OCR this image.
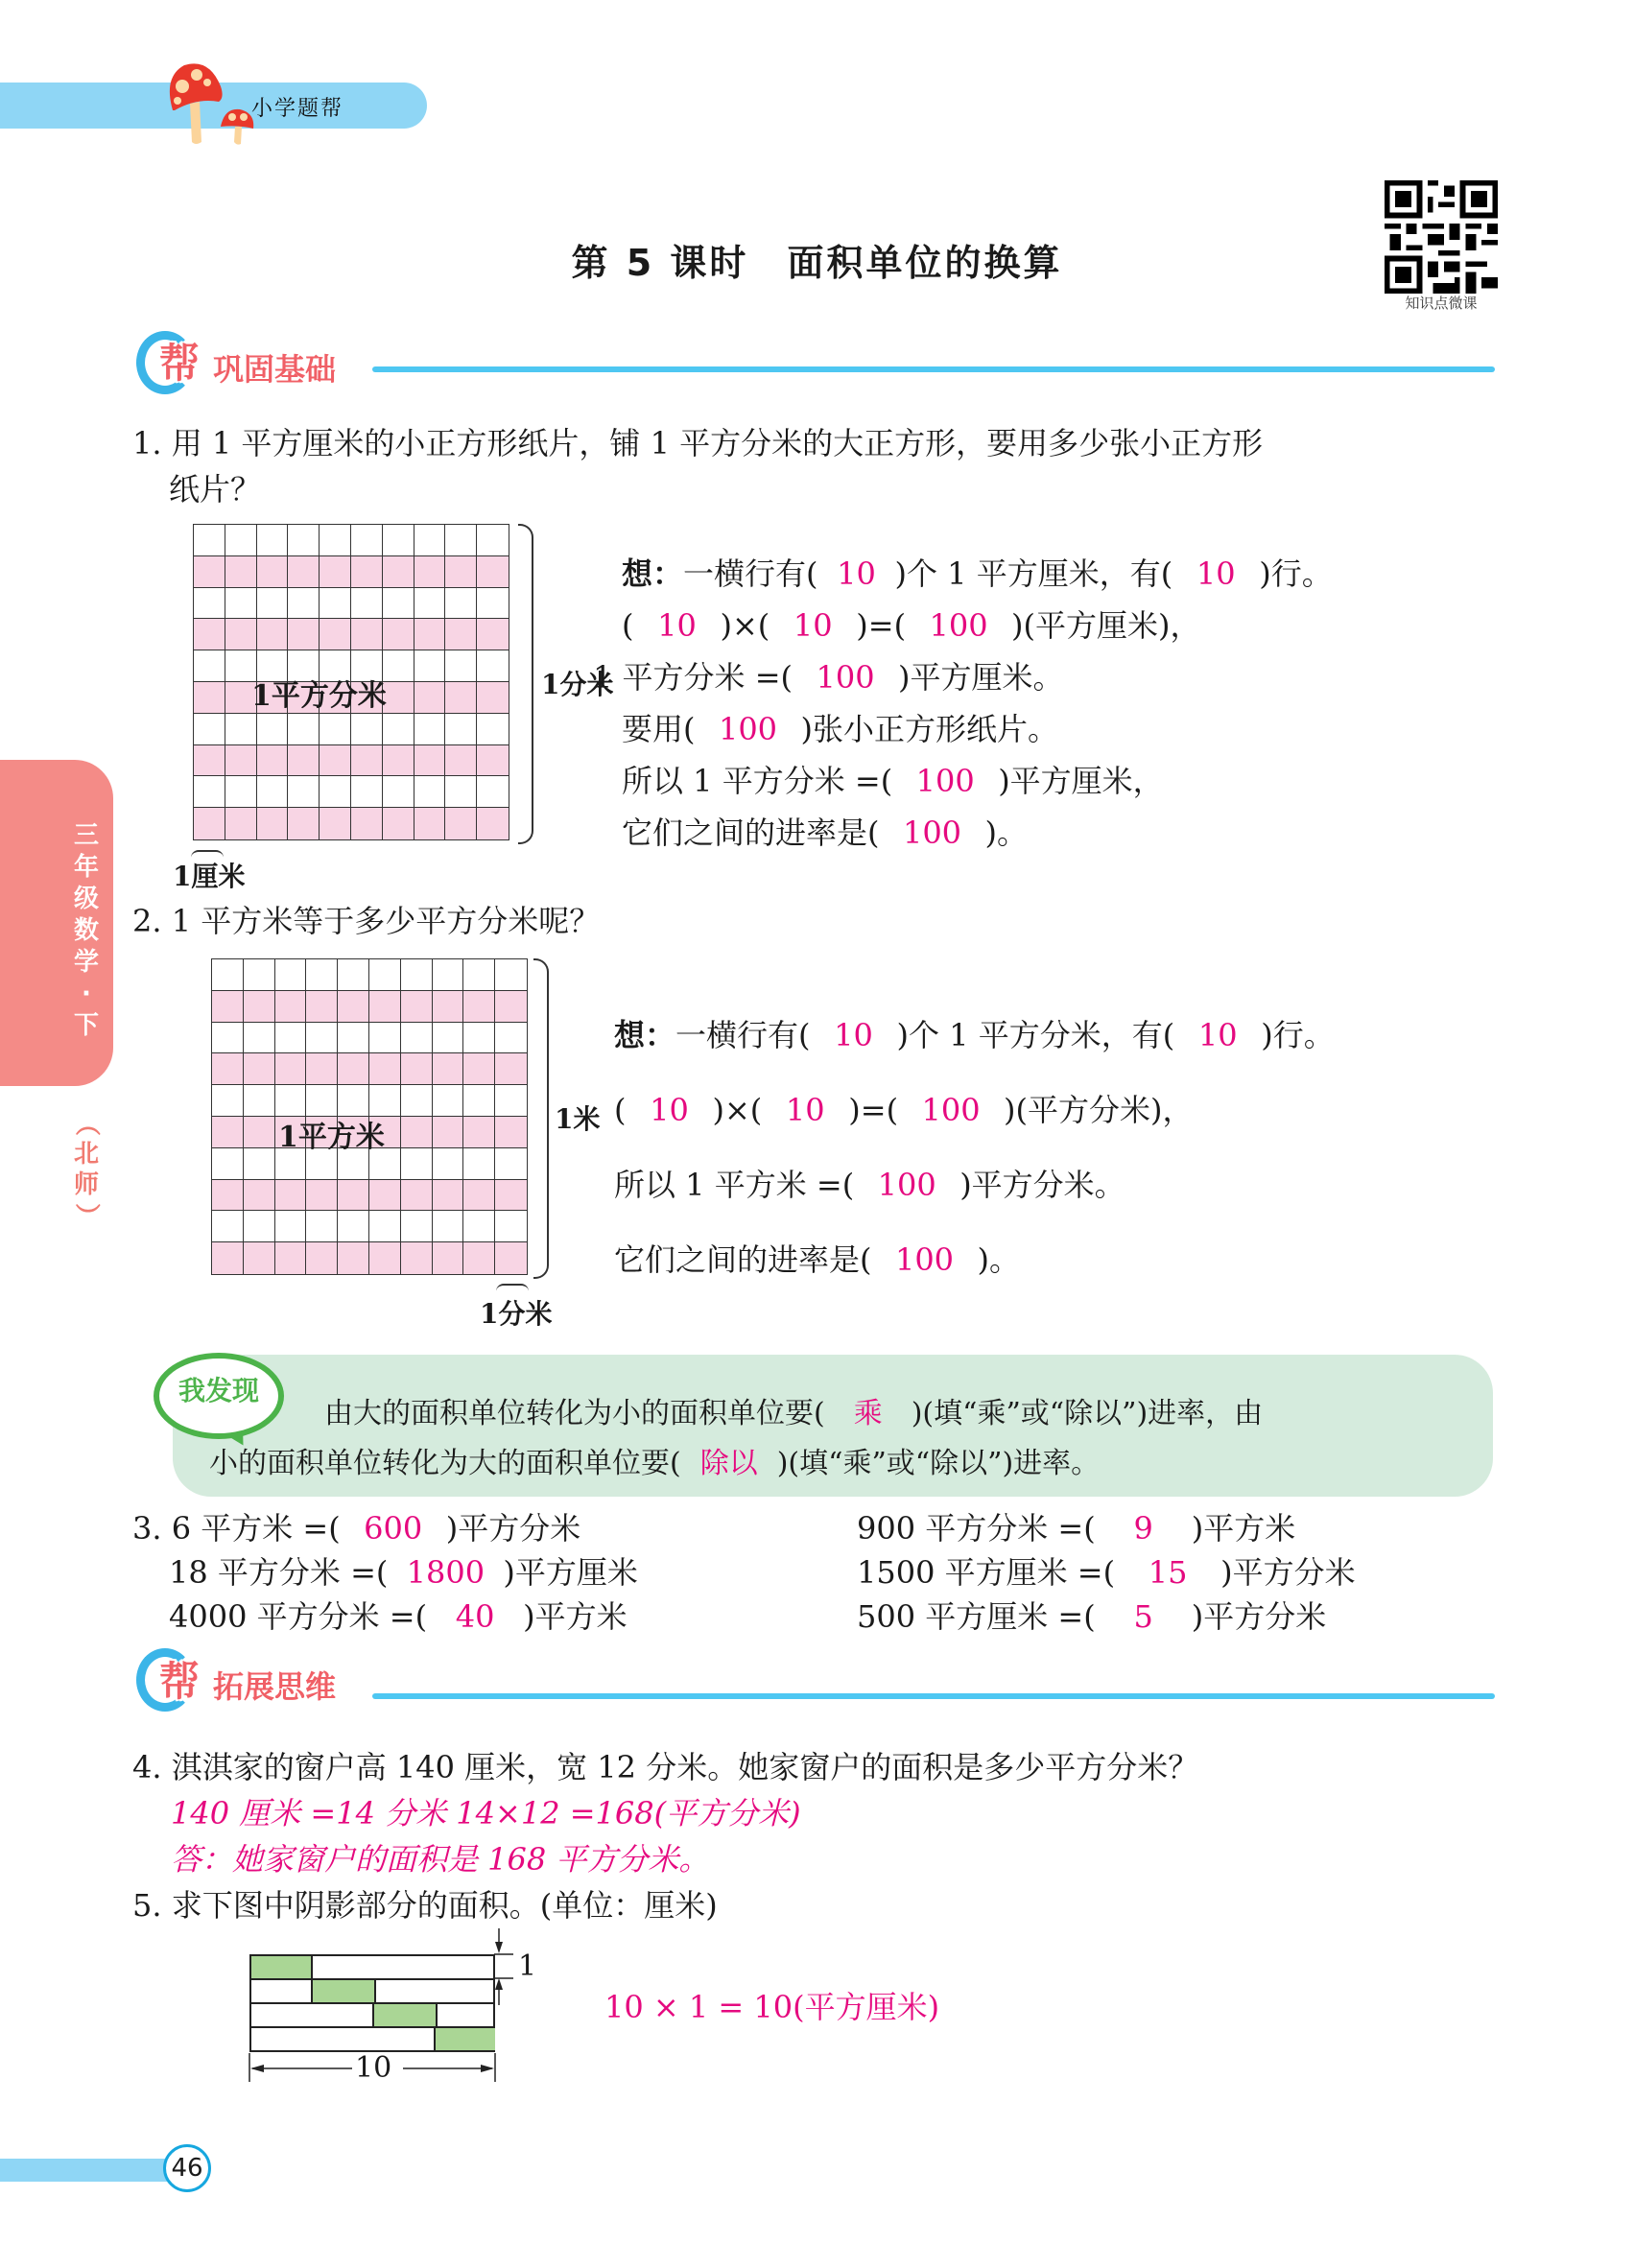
小学题帮
第 5 课时 面积单位的换算
知识点微课
三
年
级
数
学
·
下
（
北
师
）
帮 巩固基础
1. 用 1 平方厘米的小正方形纸片，铺 1 平方分米的大正方形，要用多少张小正方形
纸片？
1平方分米	1分米
1厘米
想：一横行有( 10 )个 1 平方厘米，有( 10 )行。
( 10 )×( 10 )=( 100 )(平方厘米)，
1 平方分米 =( 100 )平方厘米。
要用( 100 )张小正方形纸片。
所以 1 平方分米 =( 100 )平方厘米，
它们之间的进率是( 100 )。
2. 1 平方米等于多少平方分米呢？
1平方米
1米
1分米
想：一横行有( 10 )个 1 平方分米，有( 10 )行。
( 10 )×( 10 )=( 100 )(平方分米)，
所以 1 平方米 =( 100 )平方分米。
它们之间的进率是( 100 )。
我发现
由大的面积单位转化为小的面积单位要( 乘 )(填“乘”或“除以”)进率，由
小的面积单位转化为大的面积单位要( 除以 )(填“乘”或“除以”)进率。
3. 6 平方米 =( 600 )平方分米
18 平方分米 =( 1800 )平方厘米
4000 平方分米 =( 40 )平方米
900 平方分米 =( 9 )平方米
1500 平方厘米 =( 15 )平方分米
500 平方厘米 =( 5 )平方分米
帮 拓展思维
4. 淇淇家的窗户高 140 厘米，宽 12 分米。她家窗户的面积是多少平方分米？
140 厘米 =14 分米 14×12 =168(平方分米)
答：她家窗户的面积是 168 平方分米。
5. 求下图中阴影部分的面积。(单位：厘米)
1
10
10 × 1 = 10(平方厘米)
46
